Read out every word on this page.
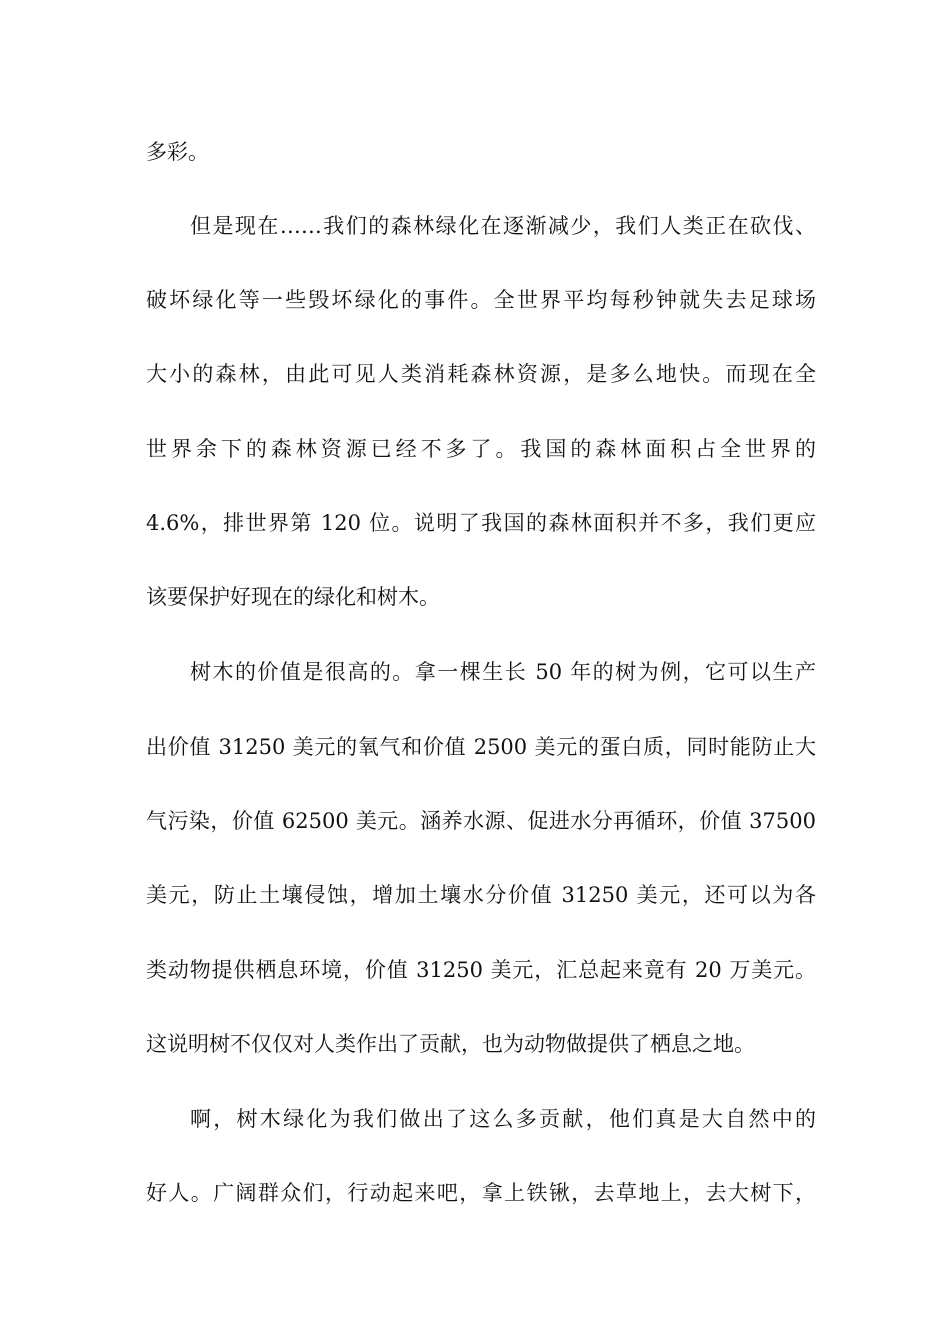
多彩。
但是现在……我们的森林绿化在逐渐减少，我们人类正在砍伐、
破坏绿化等一些毁坏绿化的事件。全世界平均每秒钟就失去足球场
大小的森林，由此可见人类消耗森林资源，是多么地快。而现在全
世界余下的森林资源已经不多了。我国的森林面积占全世界的
4.6%，排世界第 120 位。说明了我国的森林面积并不多，我们更应
该要保护好现在的绿化和树木。
树木的价值是很高的。拿一棵生长 50 年的树为例，它可以生产
出价值 31250 美元的氧气和价值 2500 美元的蛋白质，同时能防止大
气污染，价值 62500 美元。涵养水源、促进水分再循环，价值 37500
美元，防止土壤侵蚀，增加土壤水分价值 31250 美元，还可以为各
类动物提供栖息环境，价值 31250 美元，汇总起来竟有 20 万美元。
这说明树不仅仅对人类作出了贡献，也为动物做提供了栖息之地。
啊，树木绿化为我们做出了这么多贡献，他们真是大自然中的
好人。广阔群众们，行动起来吧，拿上铁锹，去草地上，去大树下，
